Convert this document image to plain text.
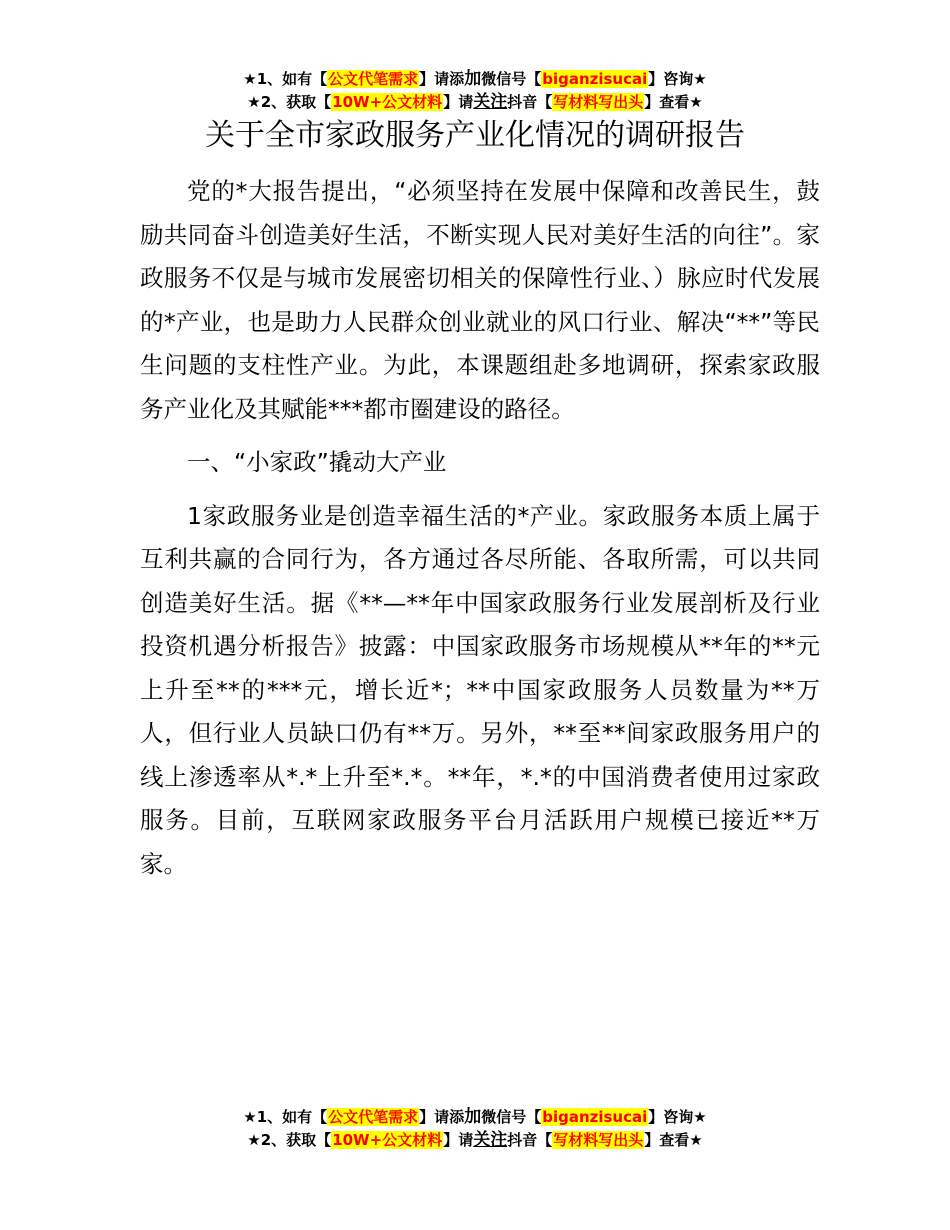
★1、如有【公文代笔需求】请添加微信号【biganzisucai】咨询★
★2、获取【10W+公文材料】请关注抖音【写材料写出头】查看★
关于全市家政服务产业化情况的调研报告

党的*大报告提出，“必须坚持在发展中保障和改善民生，鼓励共同奋斗创造美好生活，不断实现人民对美好生活的向往”。家政服务不仅是与城市发展密切相关的保障性行业、）脉应时代发展的*产业，也是助力人民群众创业就业的风口行业、解决“**”等民生问题的支柱性产业。为此，本课题组赴多地调研，探索家政服务产业化及其赋能***都市圈建设的路径。

一、“小家政”撬动大产业

1家政服务业是创造幸福生活的*产业。家政服务本质上属于互利共赢的合同行为，各方通过各尽所能、各取所需，可以共同创造美好生活。据《**—**年中国家政服务行业发展剖析及行业投资机遇分析报告》披露：中国家政服务市场规模从**年的**元上升至**的***元，增长近*；**中国家政服务人员数量为**万人，但行业人员缺口仍有**万。另外，**至**间家政服务用户的线上渗透率从*.*上升至*.*。**年，*.*的中国消费者使用过家政服务。目前，互联网家政服务平台月活跃用户规模已接近**万家。

★1、如有【公文代笔需求】请添加微信号【biganzisucai】咨询★
★2、获取【10W+公文材料】请关注抖音【写材料写出头】查看★
